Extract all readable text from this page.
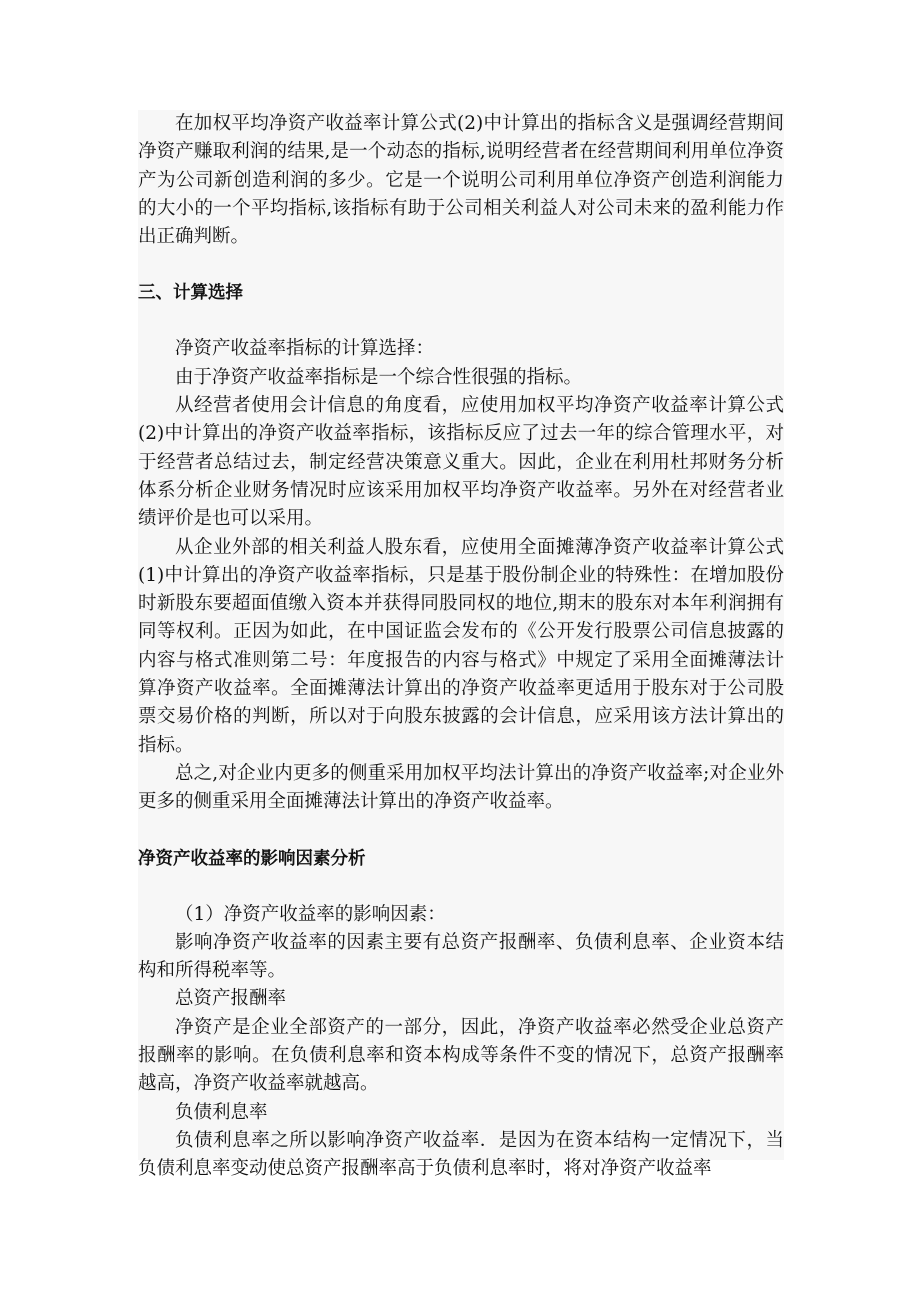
在加权平均净资产收益率计算公式(2)中计算出的指标含义是强调经营期间净资产赚取利润的结果,是一个动态的指标,说明经营者在经营期间利用单位净资产为公司新创造利润的多少。它是一个说明公司利用单位净资产创造利润能力的大小的一个平均指标,该指标有助于公司相关利益人对公司未来的盈利能力作出正确判断。

三、计算选择

净资产收益率指标的计算选择：

由于净资产收益率指标是一个综合性很强的指标。

从经营者使用会计信息的角度看，应使用加权平均净资产收益率计算公式(2)中计算出的净资产收益率指标，该指标反应了过去一年的综合管理水平，对于经营者总结过去，制定经营决策意义重大。因此，企业在利用杜邦财务分析体系分析企业财务情况时应该采用加权平均净资产收益率。另外在对经营者业绩评价是也可以采用。

从企业外部的相关利益人股东看，应使用全面摊薄净资产收益率计算公式(1)中计算出的净资产收益率指标，只是基于股份制企业的特殊性：在增加股份时新股东要超面值缴入资本并获得同股同权的地位,期末的股东对本年利润拥有同等权利。正因为如此，在中国证监会发布的《公开发行股票公司信息披露的内容与格式准则第二号：年度报告的内容与格式》中规定了采用全面摊薄法计算净资产收益率。全面摊薄法计算出的净资产收益率更适用于股东对于公司股票交易价格的判断，所以对于向股东披露的会计信息，应采用该方法计算出的指标。

总之,对企业内更多的侧重采用加权平均法计算出的净资产收益率;对企业外更多的侧重采用全面摊薄法计算出的净资产收益率。

净资产收益率的影响因素分析

（1）净资产收益率的影响因素：

影响净资产收益率的因素主要有总资产报酬率、负债利息率、企业资本结构和所得税率等。

总资产报酬率

净资产是企业全部资产的一部分，因此，净资产收益率必然受企业总资产报酬率的影响。在负债利息率和资本构成等条件不变的情况下，总资产报酬率越高，净资产收益率就越高。

负债利息率

负债利息率之所以影响净资产收益率．是因为在资本结构一定情况下，当负债利息率变动使总资产报酬率高于负债利息率时，将对净资产收益率
